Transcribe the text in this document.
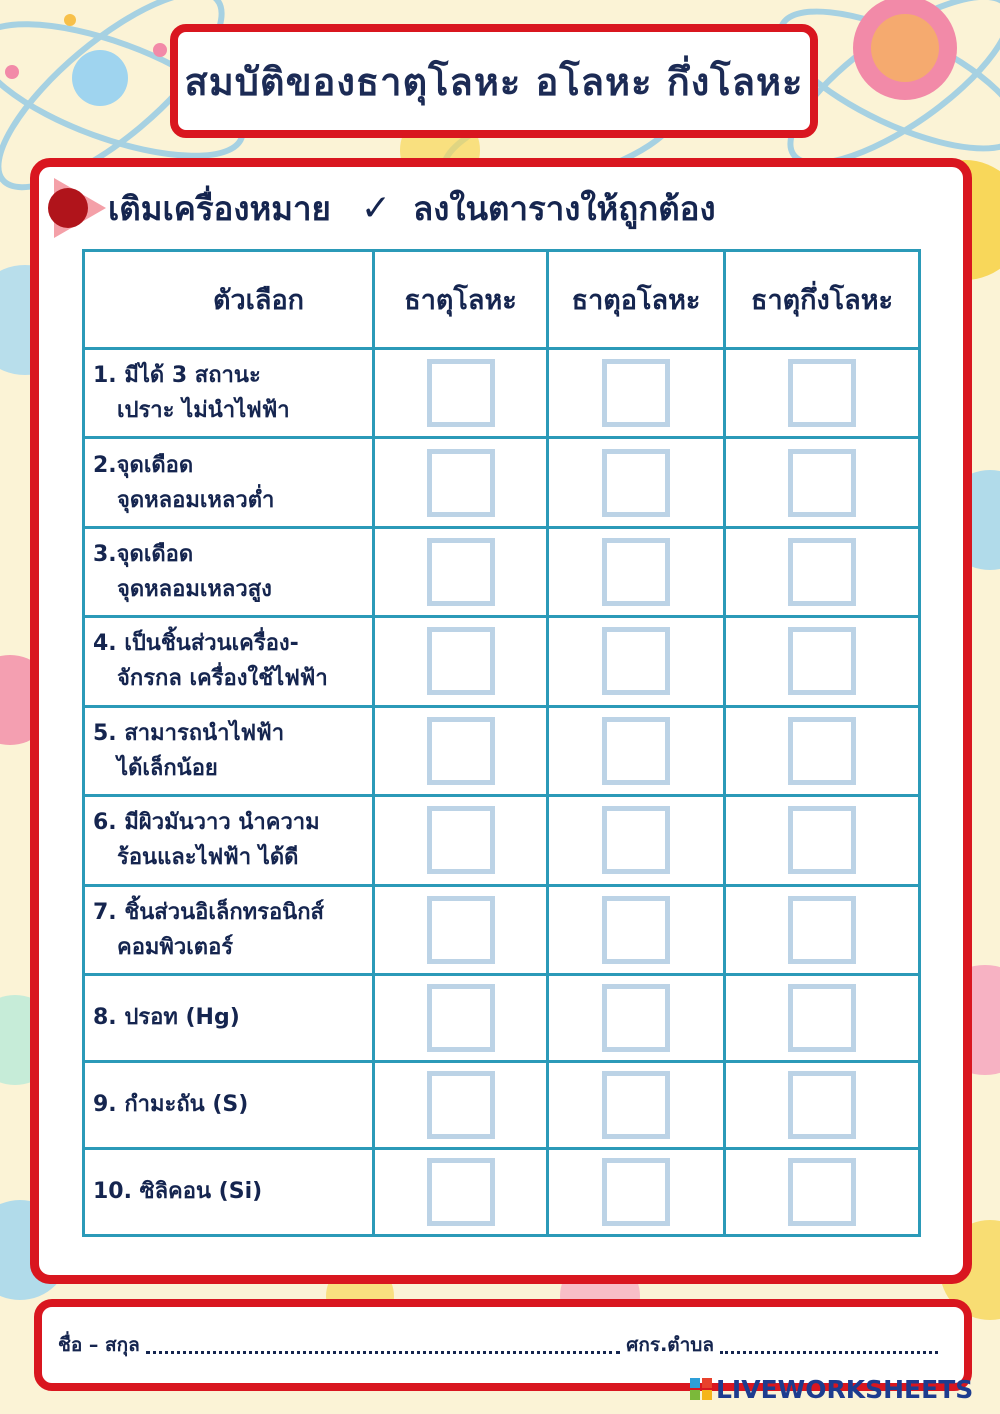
สมบัติของธาตุโลหะ อโลหะ กึ่งโลหะ
เติมเครื่องหมาย ✓ ลงในตารางให้ถูกต้อง
ตัวเลือก	ธาตุโลหะ	ธาตุอโลหะ	ธาตุกึ่งโลหะ
1. มีได้ 3 สถานะ
เปราะ ไม่นำไฟฟ้า			

2.จุดเดือด
จุดหลอมเหลวต่ำ			

3.จุดเดือด
จุดหลอมเหลวสูง			

4. เป็นชิ้นส่วนเครื่อง-
จักรกล เครื่องใช้ไฟฟ้า			

5. สามารถนำไฟฟ้า
ได้เล็กน้อย			

6. มีผิวมันวาว นำความ
ร้อนและไฟฟ้า ได้ดี			

7. ชิ้นส่วนอิเล็กทรอนิกส์
คอมพิวเตอร์			

8. ปรอท (Hg)			
9. กำมะถัน (S)			
10. ซิลิคอน (Si)			
ชื่อ – สกุล	ศกร.ตำบล
LIVEWORKSHEETS
